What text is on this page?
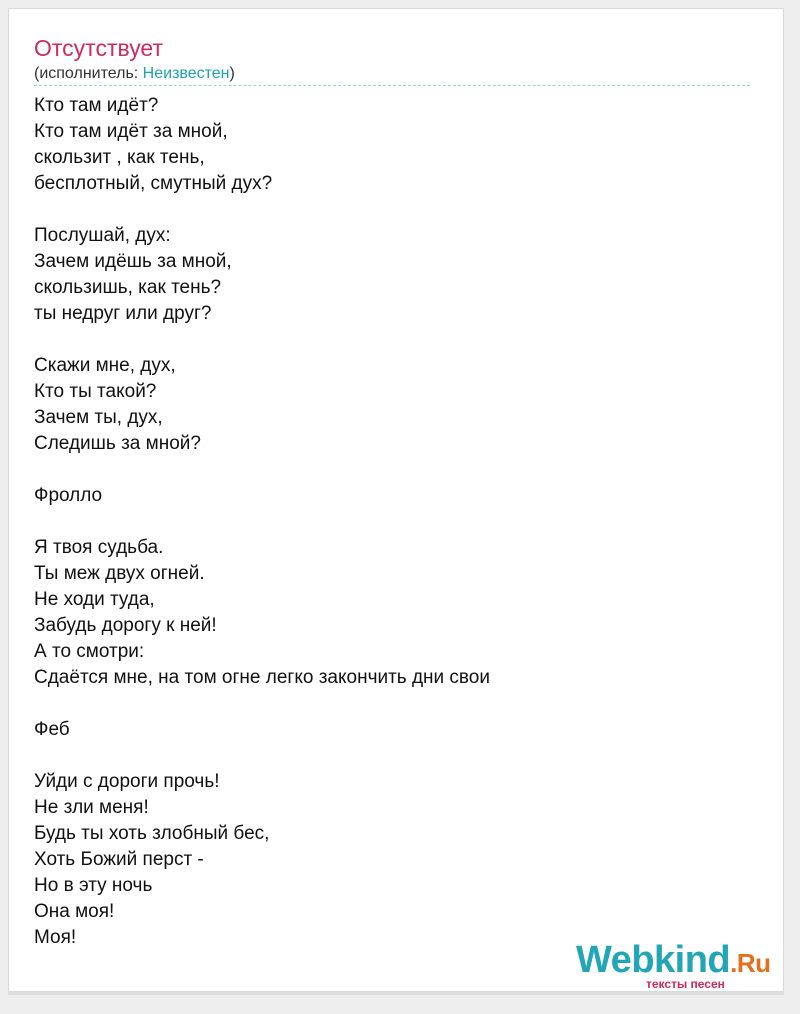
Отсутствует
(исполнитель: Неизвестен)
Кто там идёт?
Кто там идёт за мной,
скользит , как тень,
бесплотный, смутный дух?
Послушай, дух:
Зачем идёшь за мной,
скользишь, как тень?
ты недруг или друг?
Скажи мне, дух,
Кто ты такой?
Зачем ты, дух,
Следишь за мной?
Фролло
Я твоя судьба.
Ты меж двух огней.
Не ходи туда,
Забудь дорогу к ней!
А то смотри:
Сдаётся мне, на том огне легко закончить дни свои
Феб
Уйди с дороги прочь!
Не зли меня!
Будь ты хоть злобный бес,
Хоть Божий перст -
Но в эту ночь
Она моя!
Моя!
Webkind.Ru
тексты песен
